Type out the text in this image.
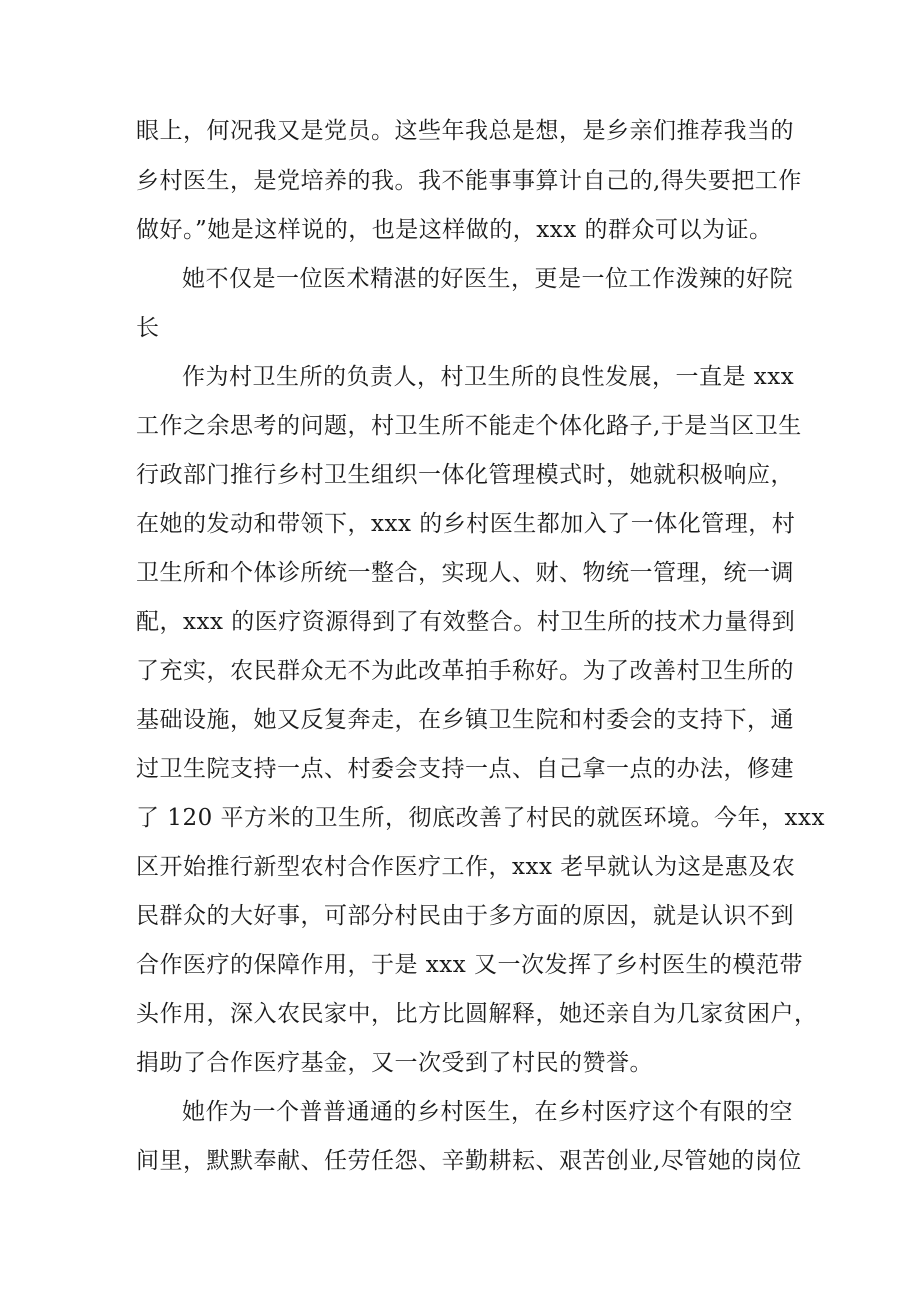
眼上，何况我又是党员。这些年我总是想，是乡亲们推荐我当的
乡村医生，是党培养的我。我不能事事算计自己的,得失要把工作
做好。”她是这样说的，也是这样做的，xxx 的群众可以为证。
她不仅是一位医术精湛的好医生，更是一位工作泼辣的好院
长
作为村卫生所的负责人，村卫生所的良性发展，一直是 xxx
工作之余思考的问题，村卫生所不能走个体化路子,于是当区卫生
行政部门推行乡村卫生组织一体化管理模式时，她就积极响应，
在她的发动和带领下，xxx 的乡村医生都加入了一体化管理，村
卫生所和个体诊所统一整合，实现人、财、物统一管理，统一调
配，xxx 的医疗资源得到了有效整合。村卫生所的技术力量得到
了充实，农民群众无不为此改革拍手称好。为了改善村卫生所的
基础设施，她又反复奔走，在乡镇卫生院和村委会的支持下，通
过卫生院支持一点、村委会支持一点、自己拿一点的办法，修建
了 120 平方米的卫生所，彻底改善了村民的就医环境。今年，xxx
区开始推行新型农村合作医疗工作，xxx 老早就认为这是惠及农
民群众的大好事，可部分村民由于多方面的原因，就是认识不到
合作医疗的保障作用，于是 xxx 又一次发挥了乡村医生的模范带
头作用，深入农民家中，比方比圆解释，她还亲自为几家贫困户，
捐助了合作医疗基金，又一次受到了村民的赞誉。
她作为一个普普通通的乡村医生，在乡村医疗这个有限的空
间里，默默奉献、任劳任怨、辛勤耕耘、艰苦创业,尽管她的岗位
